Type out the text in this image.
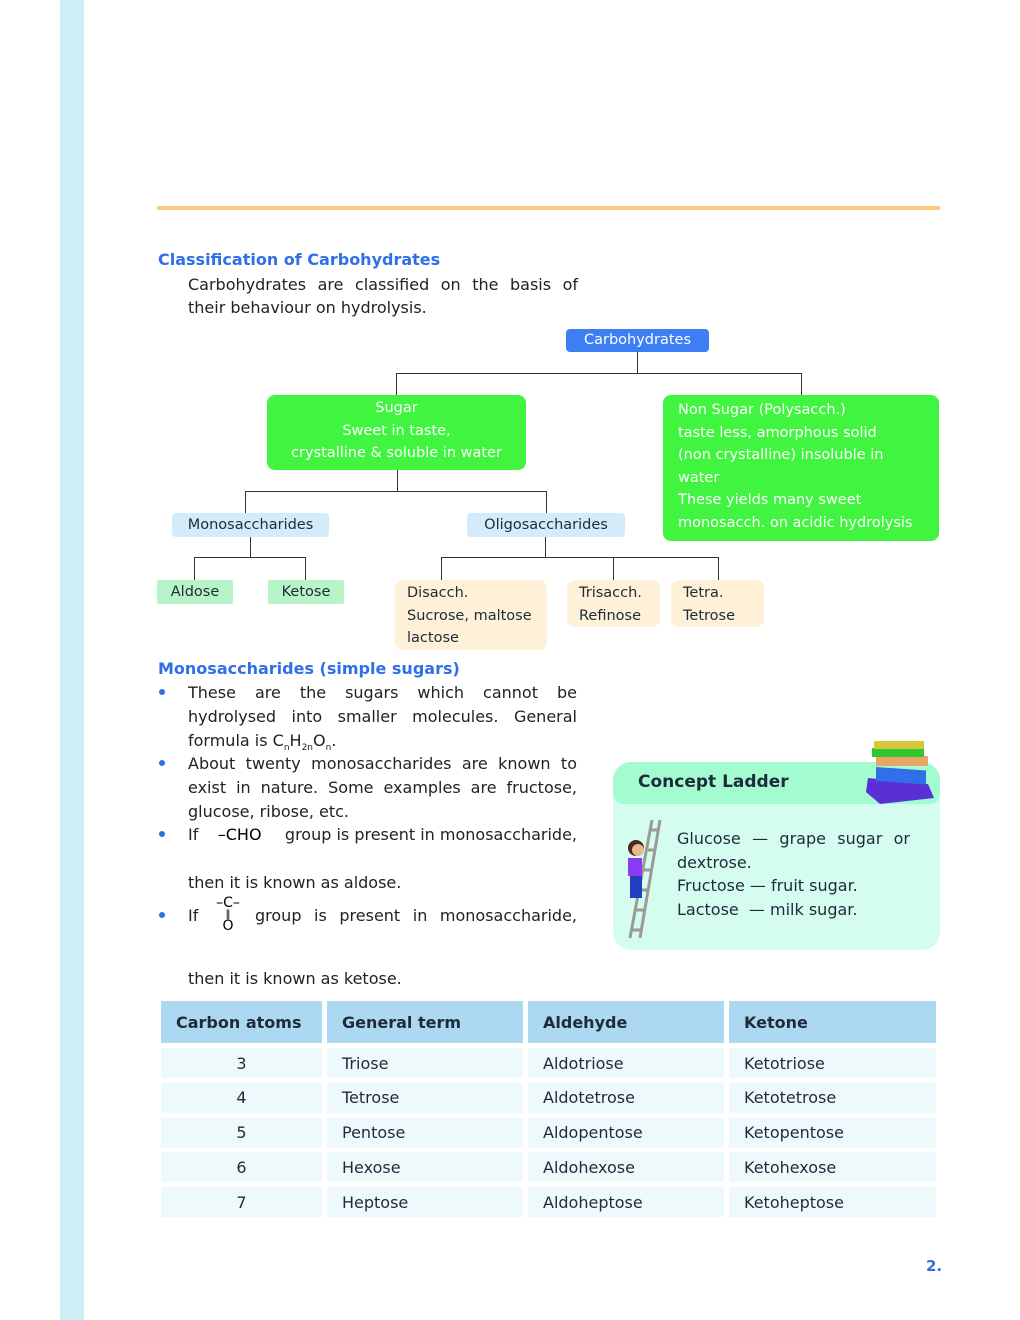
Classification of Carbohydrates
Carbohydrates are classified on the basis of
their behaviour on hydrolysis.
Carbohydrates
Sugar
Sweet in taste,
crystalline & soluble in water
Non Sugar (Polysacch.)
taste less, amorphous solid
(non crystalline) insoluble in
water
These yields many sweet
monosacch. on acidic hydrolysis
Monosaccharides	Oligosaccharides
Aldose	Ketose	Disacch.
Sucrose, maltose
lactose
Trisacch.
Refinose
Tetra.
Tetrose
Monosaccharides (simple sugars)
These are the sugars which cannot be
hydrolysed into smaller molecules. General
formula is $C_nH_{2n}O_n$.
About twenty monosaccharides are known to
exist in nature. Some examples are fructose,
glucose, ribose, etc.
If –CHO group is present in monosaccharide,
then it is known as aldose.
If
–C–
‖
O
group is present in monosaccharide,
then it is known as ketose.
Concept Ladder
Glucose — grape sugar or
dextrose.
Fructose — fruit sugar.
Lactose  — milk sugar.
Carbon atoms	General term	Aldehyde	Ketone
3	Triose	Aldotriose	Ketotriose
4	Tetrose	Aldotetrose	Ketotetrose
5	Pentose	Aldopentose	Ketopentose
6	Hexose	Aldohexose	Ketohexose
7	Heptose	Aldoheptose	Ketoheptose
2.
